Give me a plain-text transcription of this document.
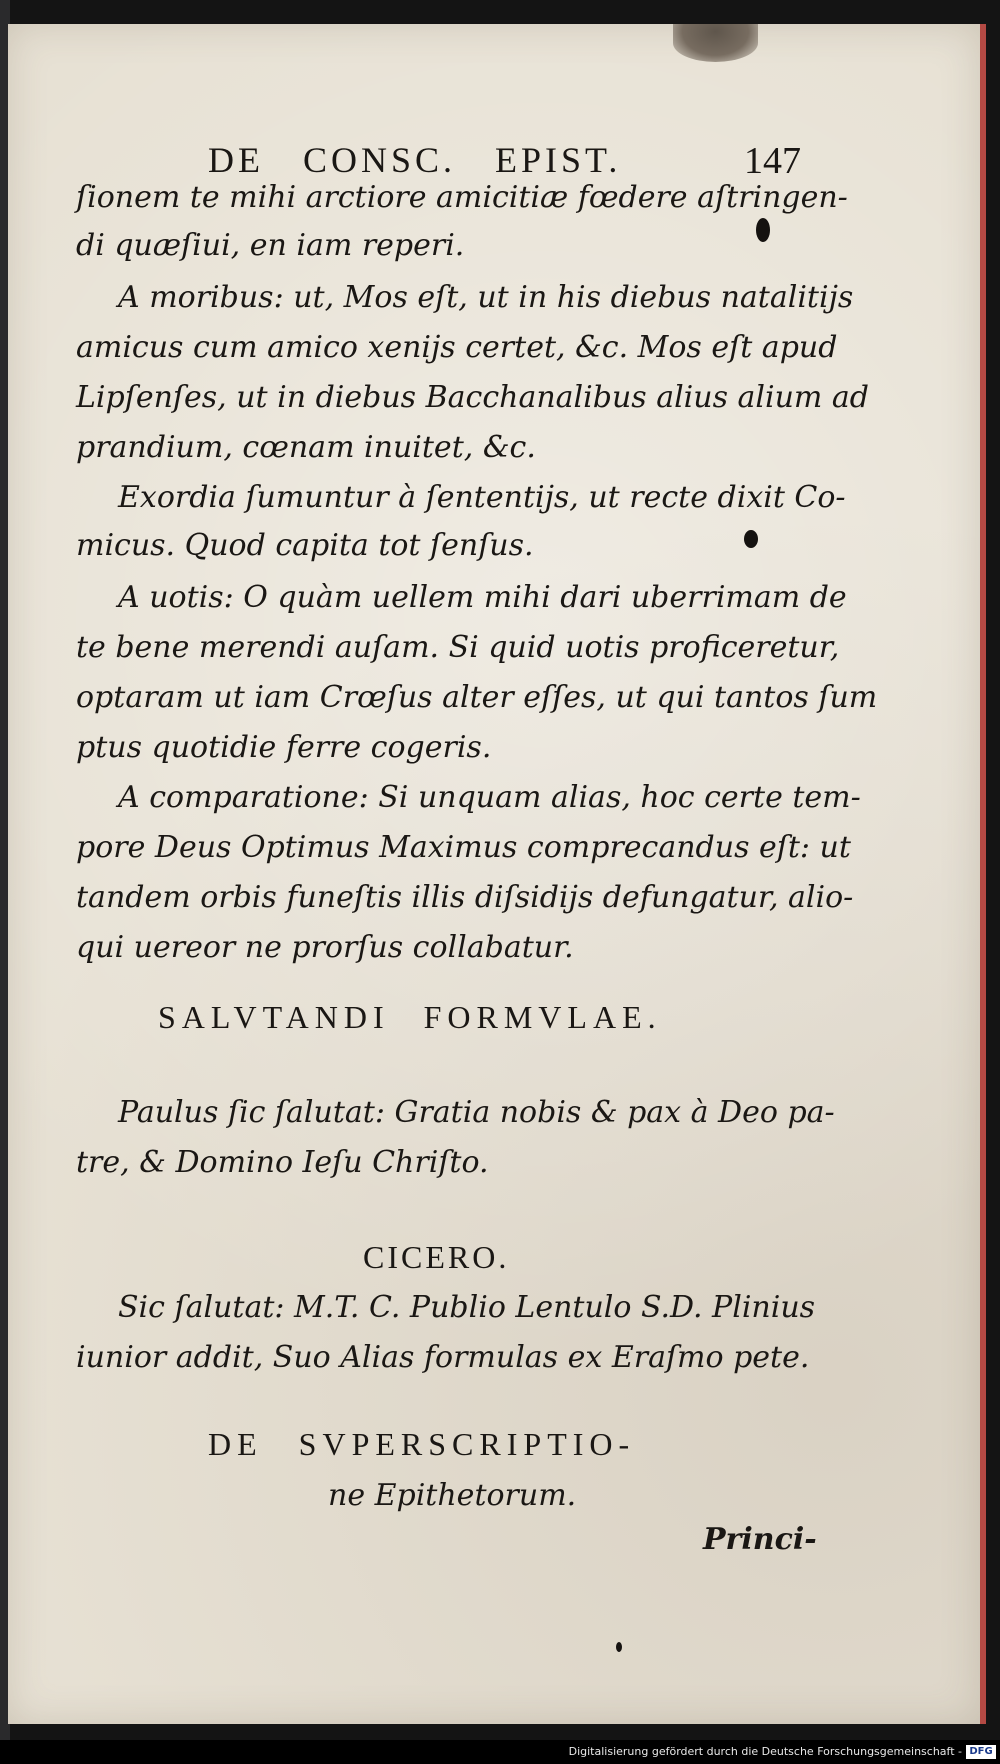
DE CONSC. EPIST.	147

ſionem te mihi arctiore amicitiæ fœdere aſtringen-

di quæſiui, en iam reperi.

A moribus: ut, Mos eſt, ut in his diebus natalitijs

amicus cum amico xenijs certet, &c. Mos eſt apud

Lipſenſes, ut in diebus Bacchanalibus alius alium ad

prandium, cœnam inuitet, &c.

Exordia ſumuntur à ſententijs, ut recte dixit Co-

micus. Quod capita tot ſenſus.

A uotis: O quàm uellem mihi dari uberrimam de

te bene merendi auſam. Si quid uotis proficeretur,

optaram ut iam Crœſus alter eſſes, ut qui tantos ſum

ptus quotidie ferre cogeris.

A comparatione: Si unquam alias, hoc certe tem-

pore Deus Optimus Maximus comprecandus eſt: ut

tandem orbis funeſtis illis diſsidijs defungatur, alio-

qui uereor ne prorſus collabatur.

SALVTANDI FORMVLAE.

Paulus ſic ſalutat: Gratia nobis & pax à Deo pa-

tre, & Domino Ieſu Chriſto.

CICERO.

Sic ſalutat: M.T. C. Publio Lentulo S.D. Plinius

iunior addit, Suo Alias formulas ex Eraſmo pete.

DE SVPERSCRIPTIO-

ne Epithetorum.

Princi-

Digitalisierung gefördert durch die Deutsche Forschungsgemeinschaft - DFG
